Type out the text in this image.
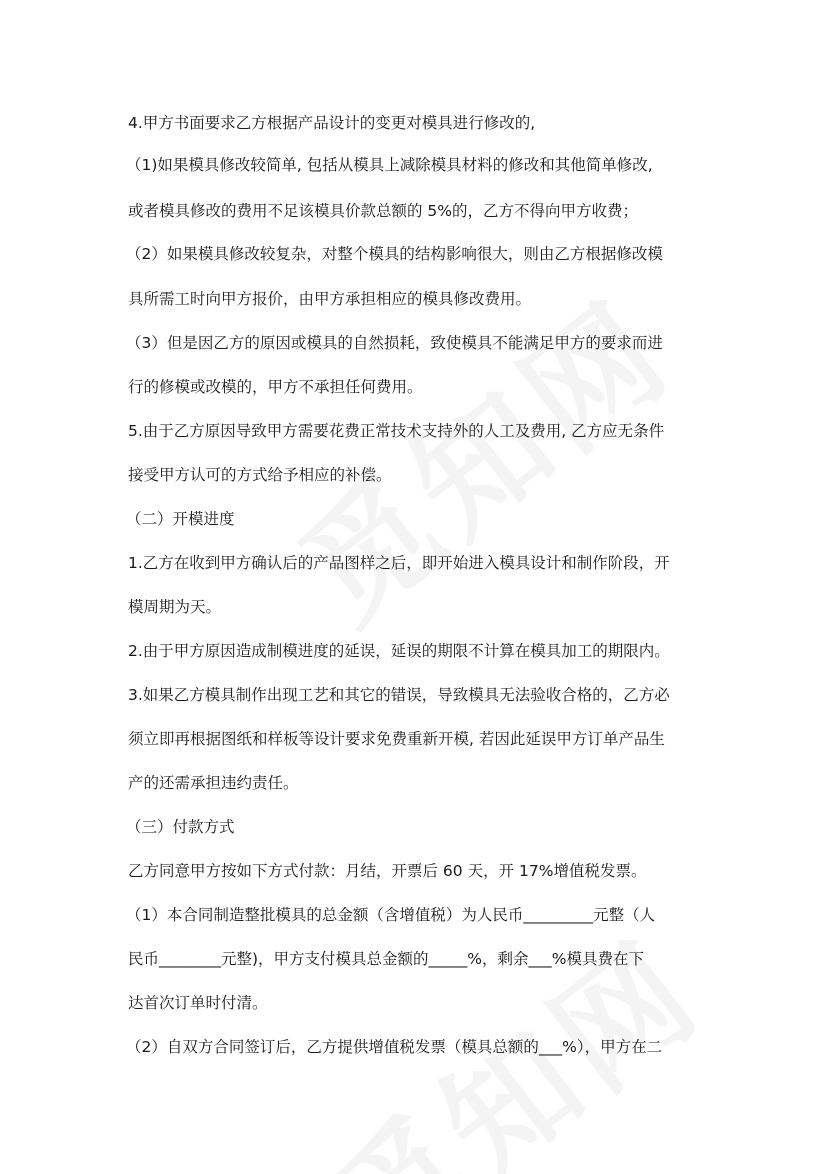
4.甲方书面要求乙方根据产品设计的变更对模具进行修改的,
（1)如果模具修改较简单, 包括从模具上减除模具材料的修改和其他简单修改,
或者模具修改的费用不足该模具价款总额的 5%的，乙方不得向甲方收费；
（2）如果模具修改较复杂，对整个模具的结构影响很大，则由乙方根据修改模
具所需工时向甲方报价，由甲方承担相应的模具修改费用。
（3）但是因乙方的原因或模具的自然损耗，致使模具不能满足甲方的要求而进
行的修模或改模的，甲方不承担任何费用。
5.由于乙方原因导致甲方需要花费正常技术支持外的人工及费用, 乙方应无条件
接受甲方认可的方式给予相应的补偿。
（二）开模进度
1.乙方在收到甲方确认后的产品图样之后，即开始进入模具设计和制作阶段，开
模周期为天。
2.由于甲方原因造成制模进度的延误，延误的期限不计算在模具加工的期限内。
3.如果乙方模具制作出现工艺和其它的错误，导致模具无法验收合格的，乙方必
须立即再根据图纸和样板等设计要求免费重新开模, 若因此延误甲方订单产品生
产的还需承担违约责任。
（三）付款方式
乙方同意甲方按如下方式付款：月结，开票后 60 天，开 17%增值税发票。
（1）本合同制造整批模具的总金额（含增值税）为人民币_________元整（人
民币________元整)，甲方支付模具总金额的_____%，剩余___%模具费在下
达首次订单时付清。
（2）自双方合同签订后，乙方提供增值税发票（模具总额的___%），甲方在二
